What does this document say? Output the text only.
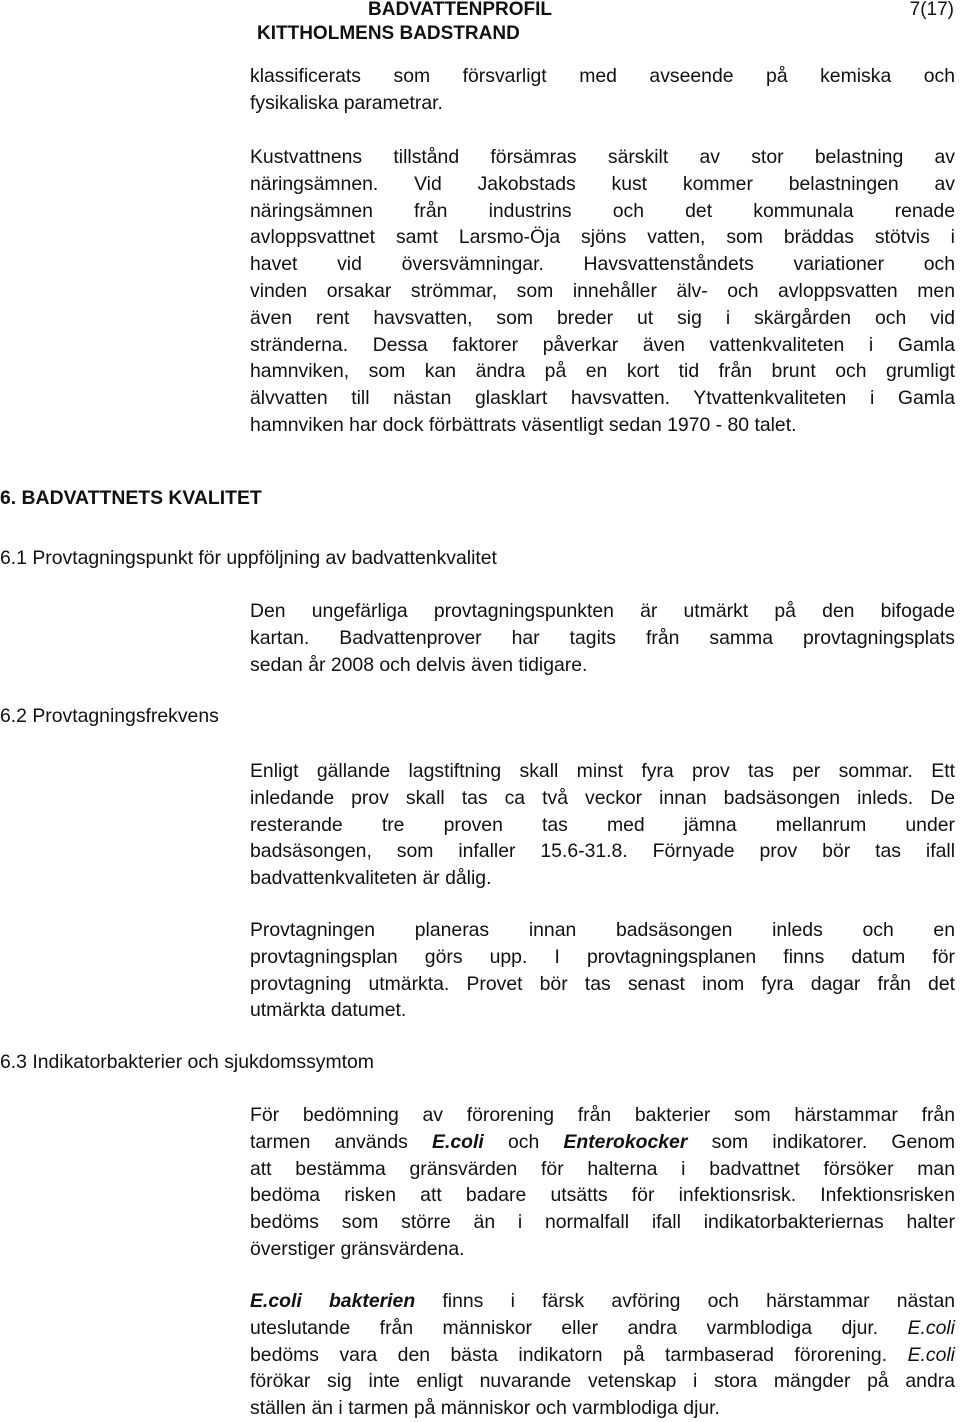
BADVATTENPROFIL
KITTHOLMENS BADSTRAND
7(17)
6. BADVATTNETS KVALITET
6.1 Provtagningspunkt för uppföljning av badvattenkvalitet
6.2 Provtagningsfrekvens
6.3 Indikatorbakterier och sjukdomssymtom
klassificerats som försvarligt med avseende på kemiska och
fysikaliska parametrar.
Kustvattnens tillstånd försämras särskilt av stor belastning av
näringsämnen. Vid Jakobstads kust kommer belastningen av
näringsämnen från industrins och det kommunala renade
avloppsvattnet samt Larsmo-Öja sjöns vatten, som bräddas stötvis i
havet vid översvämningar. Havsvattenståndets variationer och
vinden orsakar strömmar, som innehåller älv- och avloppsvatten men
även rent havsvatten, som breder ut sig i skärgården och vid
stränderna. Dessa faktorer påverkar även vattenkvaliteten i Gamla
hamnviken, som kan ändra på en kort tid från brunt och grumligt
älvvatten till nästan glasklart havsvatten. Ytvattenkvaliteten i Gamla
hamnviken har dock förbättrats väsentligt sedan 1970 - 80 talet.
Den ungefärliga provtagningspunkten är utmärkt på den bifogade
kartan. Badvattenprover har tagits från samma provtagningsplats
sedan år 2008 och delvis även tidigare.
Enligt gällande lagstiftning skall minst fyra prov tas per sommar. Ett
inledande prov skall tas ca två veckor innan badsäsongen inleds. De
resterande tre proven tas med jämna mellanrum under
badsäsongen, som infaller 15.6-31.8. Förnyade prov bör tas ifall
badvattenkvaliteten är dålig.
Provtagningen planeras innan badsäsongen inleds och en
provtagningsplan görs upp. I provtagningsplanen finns datum för
provtagning utmärkta. Provet bör tas senast inom fyra dagar från det
utmärkta datumet.
För bedömning av förorening från bakterier som härstammar från
tarmen används E.coli och Enterokocker som indikatorer. Genom
att bestämma gränsvärden för halterna i badvattnet försöker man
bedöma risken att badare utsätts för infektionsrisk. Infektionsrisken
bedöms som större än i normalfall ifall indikatorbakteriernas halter
överstiger gränsvärdena.
E.coli bakterien finns i färsk avföring och härstammar nästan
uteslutande från människor eller andra varmblodiga djur. E.coli
bedöms vara den bästa indikatorn på tarmbaserad förorening. E.coli
förökar sig inte enligt nuvarande vetenskap i stora mängder på andra
ställen än i tarmen på människor och varmblodiga djur.
